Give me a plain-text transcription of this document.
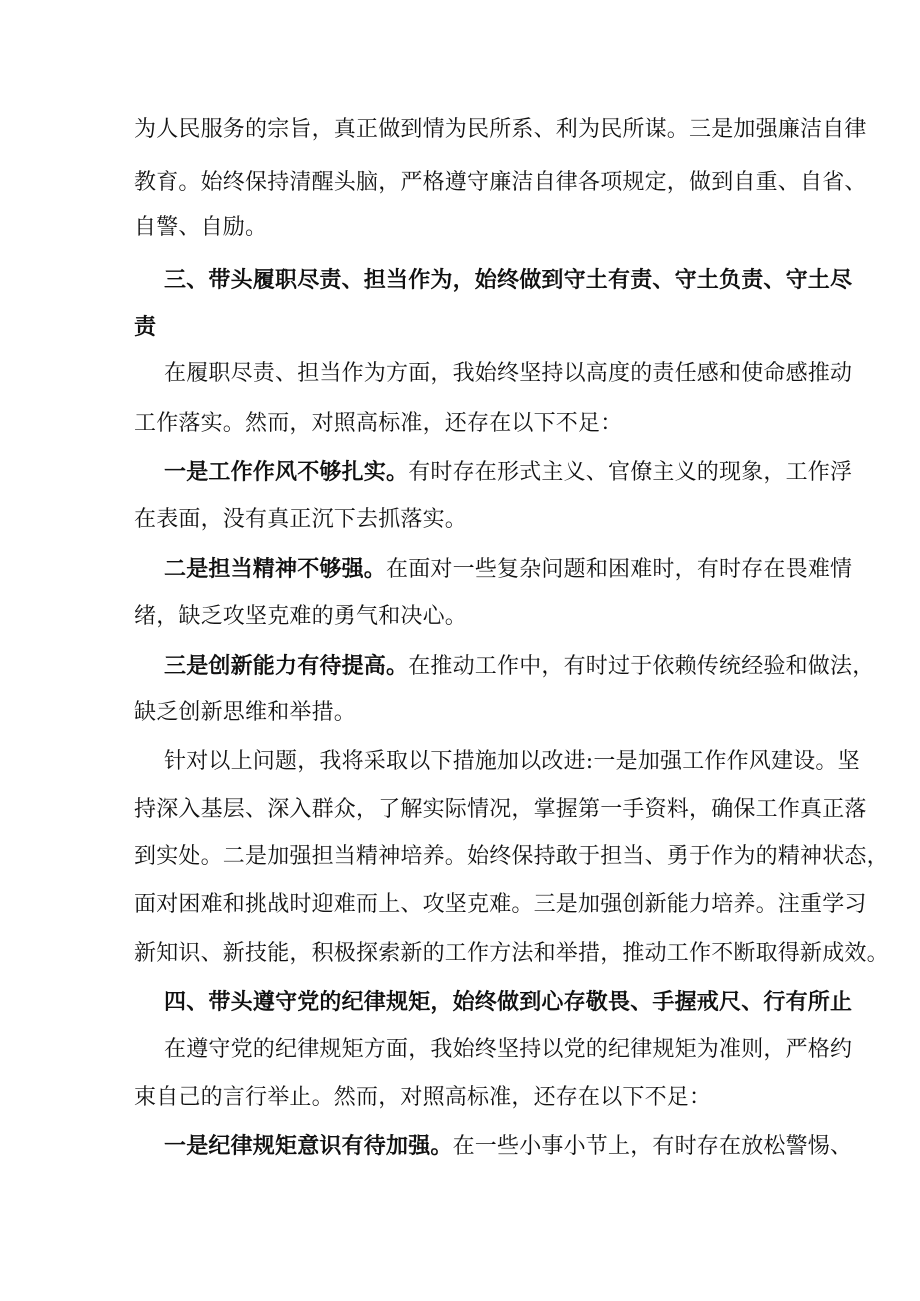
为人民服务的宗旨，真正做到情为民所系、利为民所谋。三是加强廉洁自律
教育。始终保持清醒头脑，严格遵守廉洁自律各项规定，做到自重、自省、
自警、自励。
三、带头履职尽责、担当作为，始终做到守土有责、守土负责、守土尽
责
在履职尽责、担当作为方面，我始终坚持以高度的责任感和使命感推动
工作落实。然而，对照高标准，还存在以下不足：
一是工作作风不够扎实。有时存在形式主义、官僚主义的现象，工作浮
在表面，没有真正沉下去抓落实。
二是担当精神不够强。在面对一些复杂问题和困难时，有时存在畏难情
绪，缺乏攻坚克难的勇气和决心。
三是创新能力有待提高。在推动工作中，有时过于依赖传统经验和做法，
缺乏创新思维和举措。
针对以上问题，我将采取以下措施加以改进:一是加强工作作风建设。坚
持深入基层、深入群众，了解实际情况，掌握第一手资料，确保工作真正落
到实处。二是加强担当精神培养。始终保持敢于担当、勇于作为的精神状态，
面对困难和挑战时迎难而上、攻坚克难。三是加强创新能力培养。注重学习
新知识、新技能，积极探索新的工作方法和举措，推动工作不断取得新成效。
四、带头遵守党的纪律规矩，始终做到心存敬畏、手握戒尺、行有所止
在遵守党的纪律规矩方面，我始终坚持以党的纪律规矩为准则，严格约
束自己的言行举止。然而，对照高标准，还存在以下不足：
一是纪律规矩意识有待加强。在一些小事小节上，有时存在放松警惕、
